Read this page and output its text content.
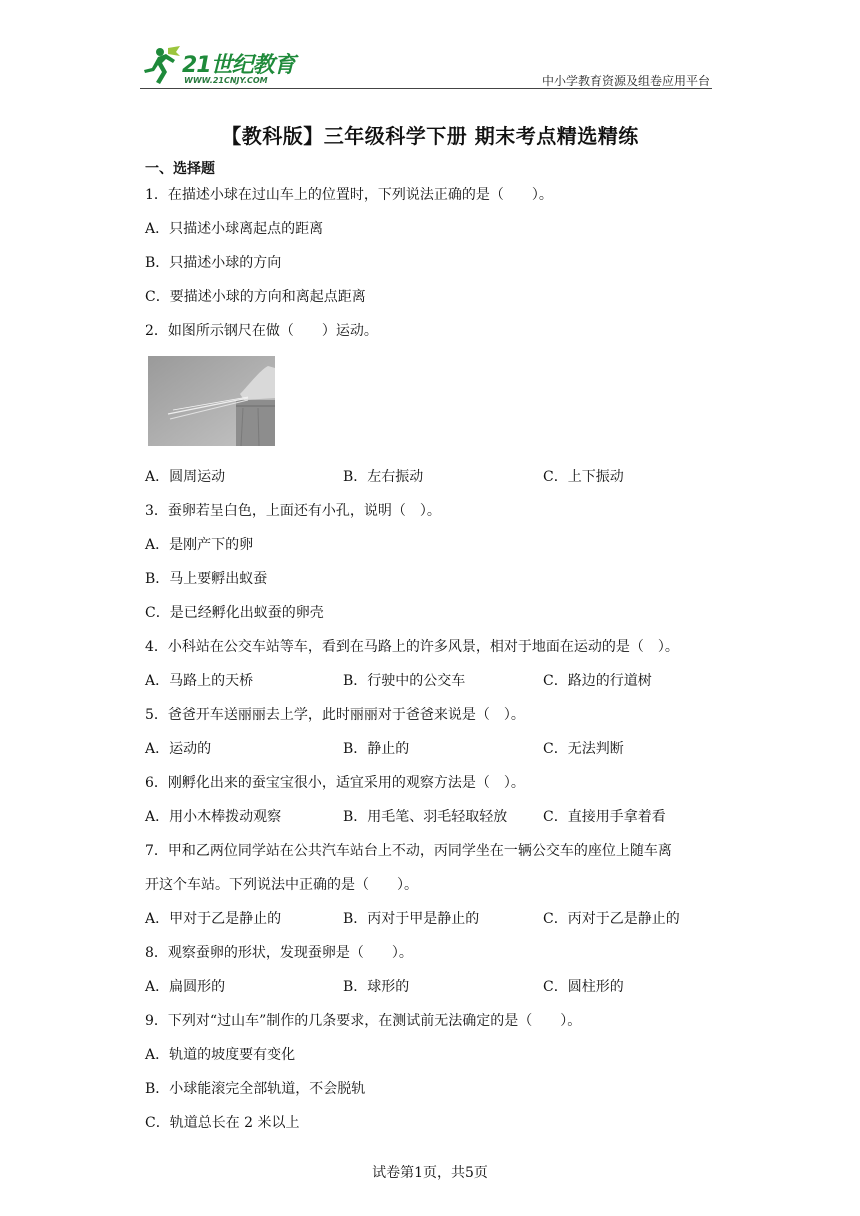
21世纪教育
WWW.21CNJY.COM	中小学教育资源及组卷应用平台
【教科版】三年级科学下册 期末考点精选精练
一、选择题
1．在描述小球在过山车上的位置时，下列说法正确的是（　　）。
A．只描述小球离起点的距离
B．只描述小球的方向
C．要描述小球的方向和离起点距离
2．如图所示钢尺在做（　　）运动。
A．圆周运动	B．左右振动	C．上下振动
3．蚕卵若呈白色，上面还有小孔，说明（　）。
A．是刚产下的卵
B．马上要孵出蚁蚕
C．是已经孵化出蚁蚕的卵壳
4．小科站在公交车站等车，看到在马路上的许多风景，相对于地面在运动的是（　）。
A．马路上的天桥	B．行驶中的公交车	C．路边的行道树
5．爸爸开车送丽丽去上学，此时丽丽对于爸爸来说是（　）。
A．运动的	B．静止的	C．无法判断
6．刚孵化出来的蚕宝宝很小，适宜采用的观察方法是（　）。
A．用小木棒拨动观察	B．用毛笔、羽毛轻取轻放	C．直接用手拿着看
7．甲和乙两位同学站在公共汽车站台上不动，丙同学坐在一辆公交车的座位上随车离
开这个车站。下列说法中正确的是（　　）。
A．甲对于乙是静止的	B．丙对于甲是静止的	C．丙对于乙是静止的
8．观察蚕卵的形状，发现蚕卵是（　　）。
A．扁圆形的	B．球形的	C．圆柱形的
9．下列对“过山车”制作的几条要求，在测试前无法确定的是（　　）。
A．轨道的坡度要有变化
B．小球能滚完全部轨道，不会脱轨
C．轨道总长在 2 米以上
试卷第1页，共5页
